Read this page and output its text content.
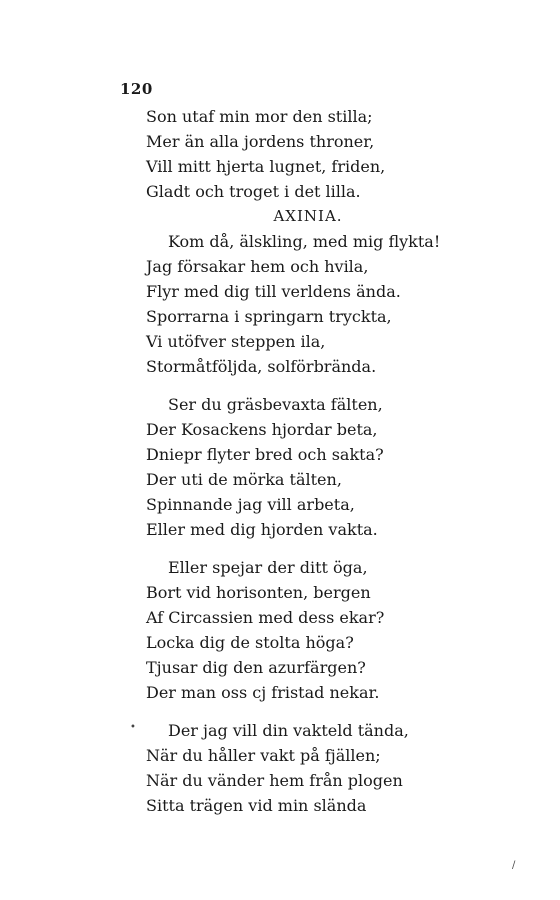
120
Son utaf min mor den stilla;
Mer än alla jordens throner,
Vill mitt hjerta lugnet, friden,
Gladt och troget i det lilla.
AXINIA.
Kom då, älskling, med mig flykta!
Jag försakar hem och hvila,
Flyr med dig till verldens ända.
Sporrarna i springarn tryckta,
Vi utöfver steppen ila,
Stormåtföljda, solförbrända.
Ser du gräsbevaxta fälten,
Der Kosackens hjordar beta,
Dniepr flyter bred och sakta?
Der uti de mörka tälten,
Spinnande jag vill arbeta,
Eller med dig hjorden vakta.
Eller spejar der ditt öga,
Bort vid horisonten, bergen
Af Circassien med dess ekar?
Locka dig de stolta höga?
Tjusar dig den azurfärgen?
Der man oss cj fristad nekar.
Der jag vill din vakteld tända,
När du håller vakt på fjällen;
När du vänder hem från plogen
Sitta trägen vid min slända
•
/
